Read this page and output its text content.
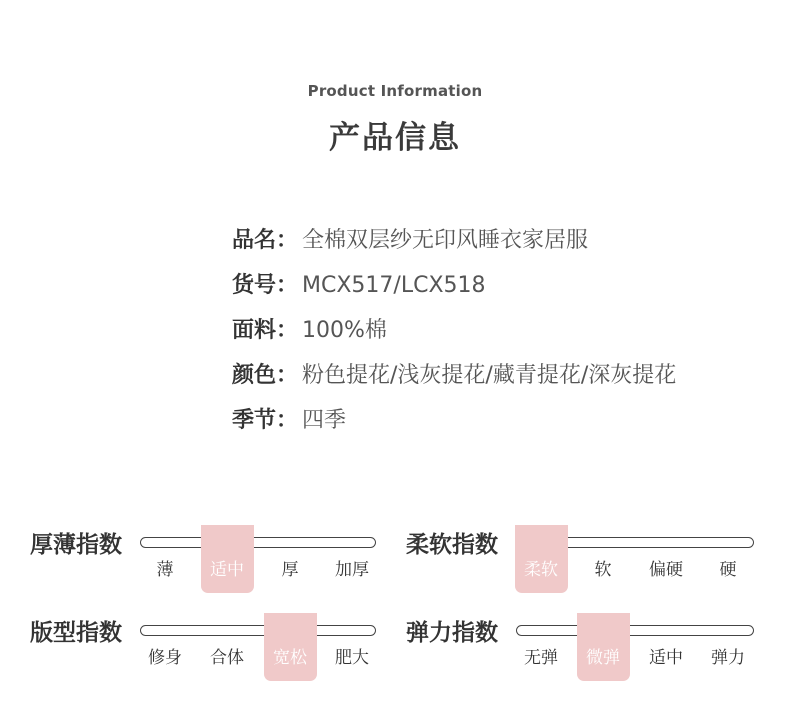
Product Information
产品信息
品名： 全棉双层纱无印风睡衣家居服
货号： MCX517/LCX518
面料： 100%棉
颜色： 粉色提花/浅灰提花/藏青提花/深灰提花
季节： 四季
厚薄指数
薄	适中	厚	加厚
柔软指数
柔软	软	偏硬	硬
版型指数
修身	合体	宽松	肥大
弹力指数
无弹	微弹	适中	弹力
